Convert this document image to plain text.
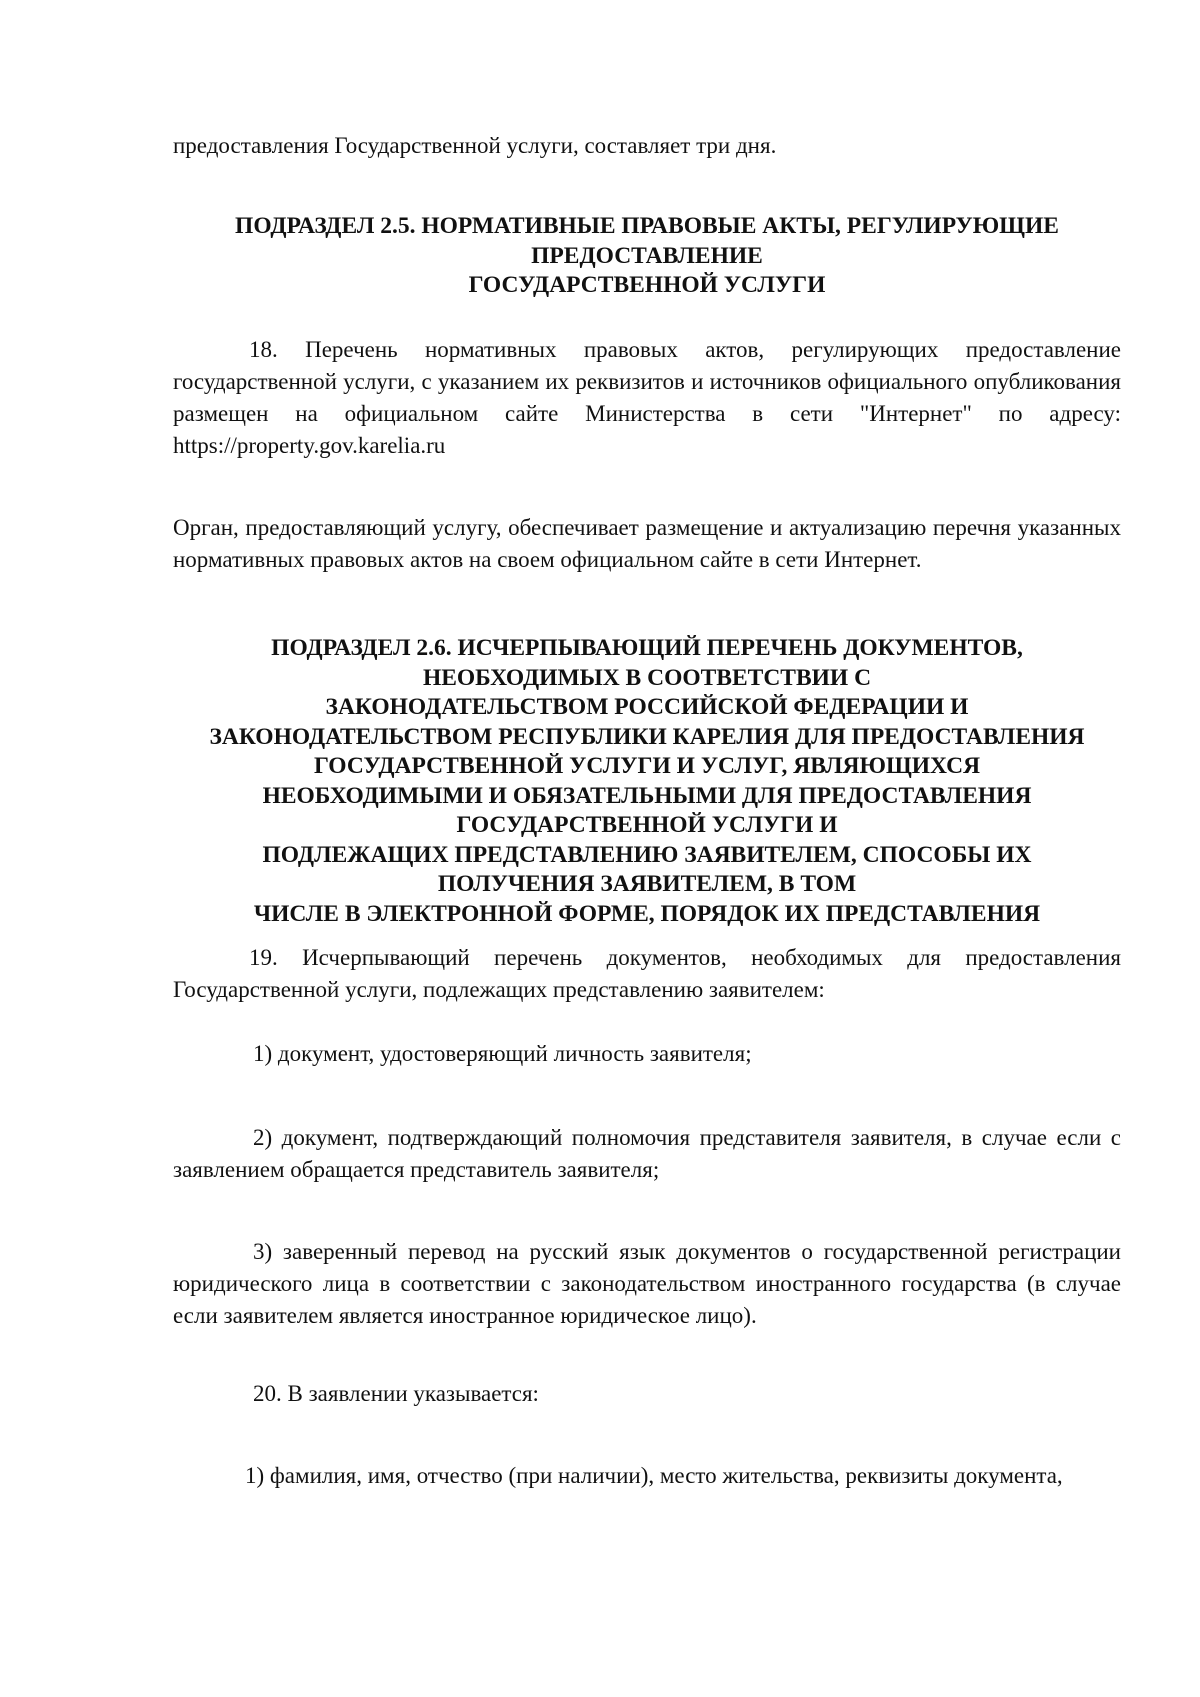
предоставления Государственной услуги, составляет три дня.
ПОДРАЗДЕЛ 2.5. НОРМАТИВНЫЕ ПРАВОВЫЕ АКТЫ, РЕГУЛИРУЮЩИЕ
ПРЕДОСТАВЛЕНИЕ
ГОСУДАРСТВЕННОЙ УСЛУГИ
18. Перечень нормативных правовых актов, регулирующих предоставление государственной услуги, с указанием их реквизитов и источников официального опубликования размещен на официальном сайте Министерства в сети "Интернет" по адресу: https://property.gov.karelia.ru
Орган, предоставляющий услугу, обеспечивает размещение и актуализацию перечня указанных нормативных правовых актов на своем официальном сайте в сети Интернет.
ПОДРАЗДЕЛ 2.6. ИСЧЕРПЫВАЮЩИЙ ПЕРЕЧЕНЬ ДОКУМЕНТОВ,
НЕОБХОДИМЫХ В СООТВЕТСТВИИ С
ЗАКОНОДАТЕЛЬСТВОМ РОССИЙСКОЙ ФЕДЕРАЦИИ И
ЗАКОНОДАТЕЛЬСТВОМ РЕСПУБЛИКИ КАРЕЛИЯ ДЛЯ ПРЕДОСТАВЛЕНИЯ
ГОСУДАРСТВЕННОЙ УСЛУГИ И УСЛУГ, ЯВЛЯЮЩИХСЯ
НЕОБХОДИМЫМИ И ОБЯЗАТЕЛЬНЫМИ ДЛЯ ПРЕДОСТАВЛЕНИЯ
ГОСУДАРСТВЕННОЙ УСЛУГИ И
ПОДЛЕЖАЩИХ ПРЕДСТАВЛЕНИЮ ЗАЯВИТЕЛЕМ, СПОСОБЫ ИХ
ПОЛУЧЕНИЯ ЗАЯВИТЕЛЕМ, В ТОМ
ЧИСЛЕ В ЭЛЕКТРОННОЙ ФОРМЕ, ПОРЯДОК ИХ ПРЕДСТАВЛЕНИЯ
19. Исчерпывающий перечень документов, необходимых для предоставления Государственной услуги, подлежащих представлению заявителем:
1) документ, удостоверяющий личность заявителя;
2) документ, подтверждающий полномочия представителя заявителя, в случае если с заявлением обращается представитель заявителя;
3) заверенный перевод на русский язык документов о государственной регистрации юридического лица в соответствии с законодательством иностранного государства (в случае если заявителем является иностранное юридическое лицо).
20. В заявлении указывается:
1) фамилия, имя, отчество (при наличии), место жительства, реквизиты документа,
